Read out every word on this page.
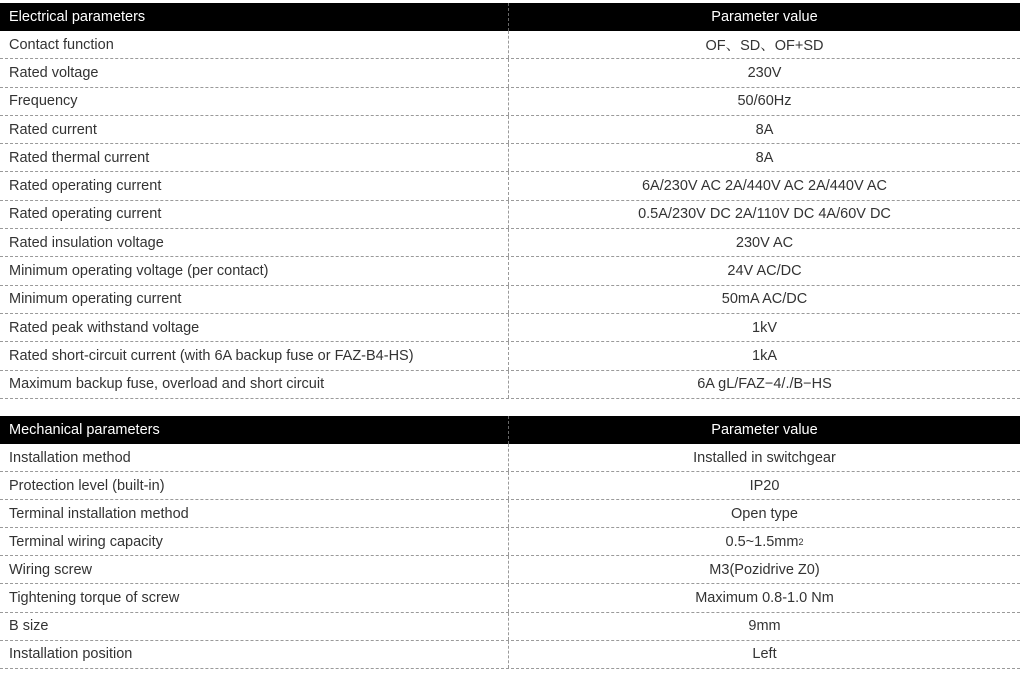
Electrical parameters	Parameter value
Contact function	OF、SD、OF+SD
Rated voltage	230V
Frequency	50/60Hz
Rated current	8A
Rated thermal current	8A
Rated operating current	6A/230V AC 2A/440V AC 2A/440V AC
Rated operating current	0.5A/230V DC 2A/110V DC 4A/60V DC
Rated insulation voltage	230V AC
Minimum operating voltage (per contact)	24V AC/DC
Minimum operating current	50mA AC/DC
Rated peak withstand voltage	1kV
Rated short-circuit current (with 6A backup fuse or FAZ-B4-HS)	1kA
Maximum backup fuse, overload and short circuit	6A gL/FAZ−4/./B−HS
Mechanical parameters	Parameter value
Installation method	Installed in switchgear
Protection level (built-in)	IP20
Terminal installation method	Open type
Terminal wiring capacity	0.5~1.5mm 2
Wiring screw	M3(Pozidrive Z0)
Tightening torque of screw	Maximum 0.8-1.0 Nm
B size	9mm
Installation position	Left
